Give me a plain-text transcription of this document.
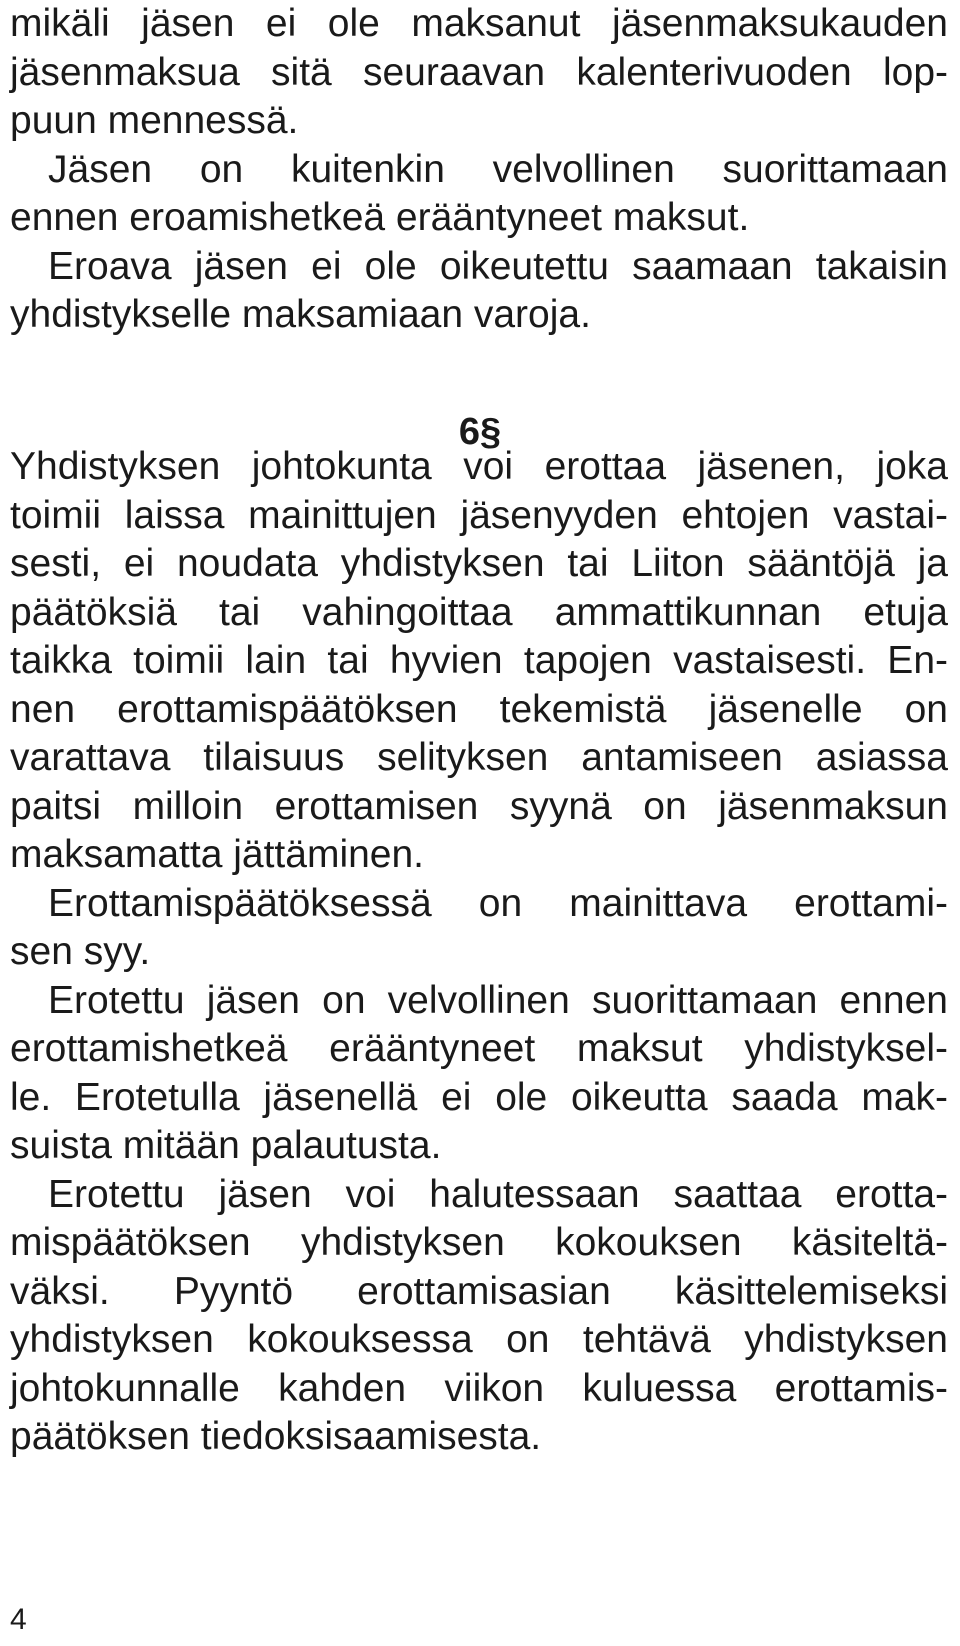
mikäli jäsen ei ole maksanut jäsenmaksukauden
jäsenmaksua sitä seuraavan kalenterivuoden lop-
puun mennessä.
Jäsen on kuitenkin velvollinen suorittamaan
ennen eroamishetkeä erääntyneet maksut.
Eroava jäsen ei ole oikeutettu saamaan takaisin
yhdistykselle maksamiaan varoja.
6§
Yhdistyksen johtokunta voi erottaa jäsenen, joka
toimii laissa mainittujen jäsenyyden ehtojen vastai-
sesti, ei noudata yhdistyksen tai Liiton sääntöjä ja
päätöksiä tai vahingoittaa ammattikunnan etuja
taikka toimii lain tai hyvien tapojen vastaisesti. En-
nen erottamispäätöksen tekemistä jäsenelle on
varattava tilaisuus selityksen antamiseen asiassa
paitsi milloin erottamisen syynä on jäsenmaksun
maksamatta jättäminen.
Erottamispäätöksessä on mainittava erottami-
sen syy.
Erotettu jäsen on velvollinen suorittamaan ennen
erottamishetkeä erääntyneet maksut yhdistyksel-
le. Erotetulla jäsenellä ei ole oikeutta saada mak-
suista mitään palautusta.
Erotettu jäsen voi halutessaan saattaa erotta-
mispäätöksen yhdistyksen kokouksen käsiteltä-
väksi. Pyyntö erottamisasian käsittelemiseksi
yhdistyksen kokouksessa on tehtävä yhdistyksen
johtokunnalle kahden viikon kuluessa erottamis-
päätöksen tiedoksisaamisesta.
4
